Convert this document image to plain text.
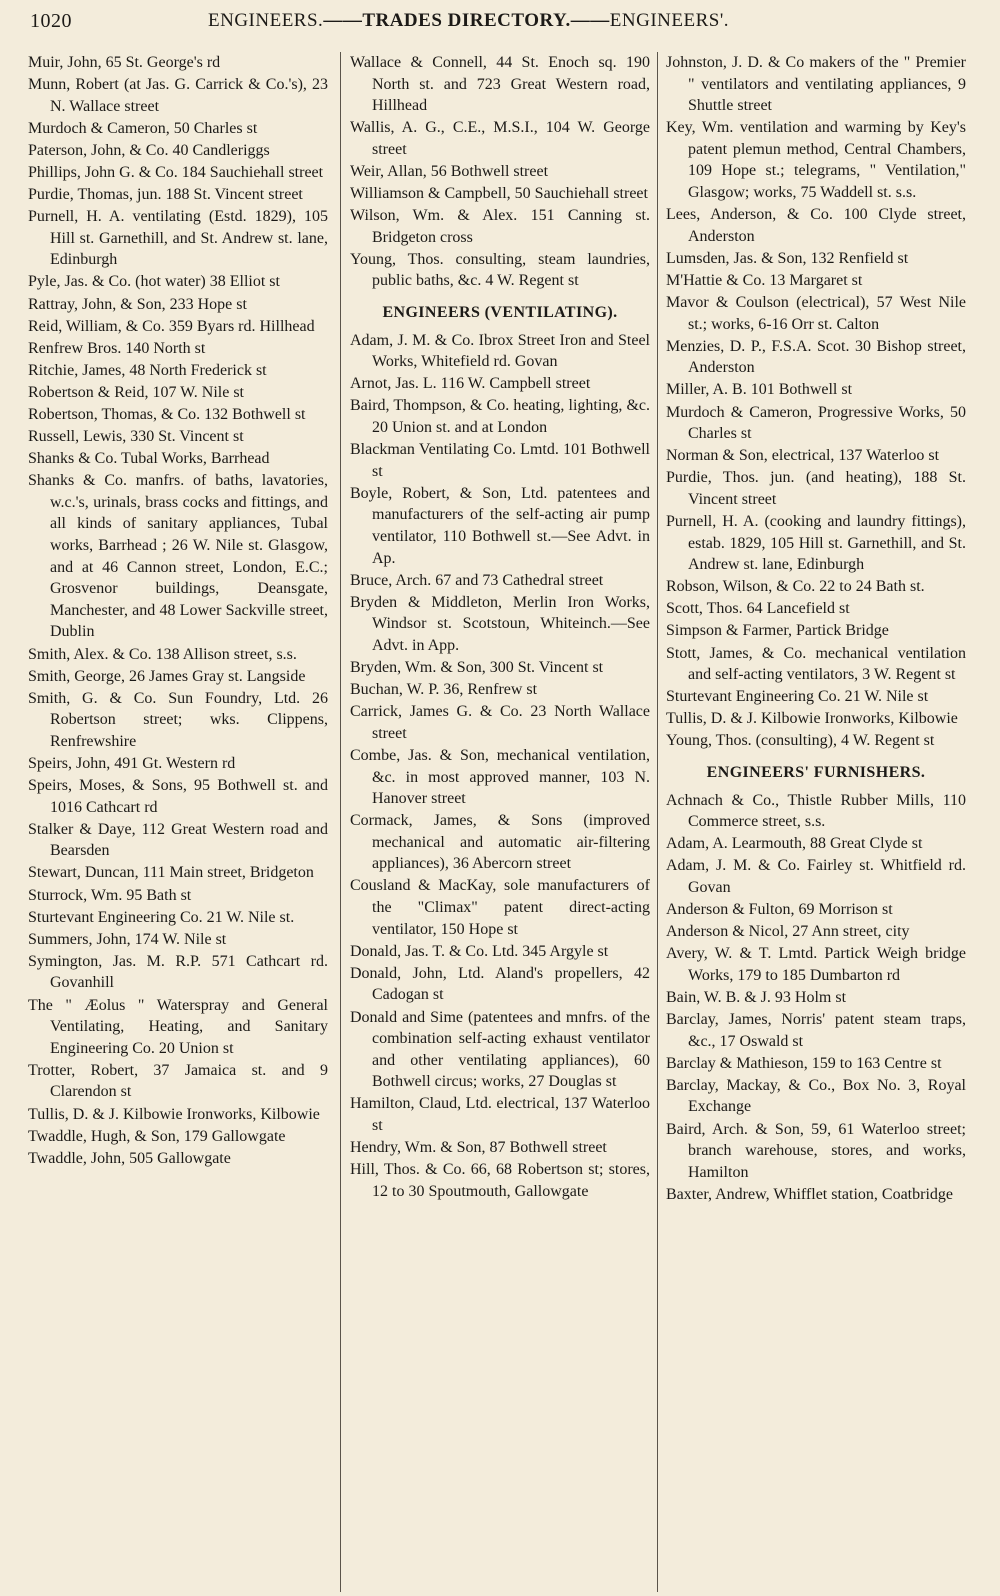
1020	ENGINEERS.——TRADES DIRECTORY.——ENGINEERS'.
Muir, John, 65 St. George's rd
Munn, Robert (at Jas. G. Carrick & Co.'s), 23 N. Wallace street
Murdoch & Cameron, 50 Charles st
Paterson, John, & Co. 40 Candleriggs
Phillips, John G. & Co. 184 Sauchiehall street
Purdie, Thomas, jun. 188 St. Vincent street
Purnell, H. A. ventilating (Estd. 1829), 105 Hill st. Garnethill, and St. Andrew st. lane, Edinburgh
Pyle, Jas. & Co. (hot water) 38 Elliot st
Rattray, John, & Son, 233 Hope st
Reid, William, & Co. 359 Byars rd. Hillhead
Renfrew Bros. 140 North st
Ritchie, James, 48 North Frederick st
Robertson & Reid, 107 W. Nile st
Robertson, Thomas, & Co. 132 Bothwell st
Russell, Lewis, 330 St. Vincent st
Shanks & Co. Tubal Works, Barrhead
Shanks & Co. manfrs. of baths, lavatories, w.c.'s, urinals, brass cocks and fittings, and all kinds of sanitary appliances, Tubal works, Barrhead ; 26 W. Nile st. Glasgow, and at 46 Cannon street, London, E.C.; Grosvenor buildings, Deansgate, Manchester, and 48 Lower Sackville street, Dublin
Smith, Alex. & Co. 138 Allison street, s.s.
Smith, George, 26 James Gray st. Langside
Smith, G. & Co. Sun Foundry, Ltd. 26 Robertson street; wks. Clippens, Renfrewshire
Speirs, John, 491 Gt. Western rd
Speirs, Moses, & Sons, 95 Bothwell st. and 1016 Cathcart rd
Stalker & Daye, 112 Great Western road and Bearsden
Stewart, Duncan, 111 Main street, Bridgeton
Sturrock, Wm. 95 Bath st
Sturtevant Engineering Co. 21 W. Nile st.
Summers, John, 174 W. Nile st
Symington, Jas. M. R.P. 571 Cathcart rd. Govanhill
The " Æolus " Waterspray and General Ventilating, Heating, and Sanitary Engineering Co. 20 Union st
Trotter, Robert, 37 Jamaica st. and 9 Clarendon st
Tullis, D. & J. Kilbowie Ironworks, Kilbowie
Twaddle, Hugh, & Son, 179 Gallowgate
Twaddle, John, 505 Gallowgate
Wallace & Connell, 44 St. Enoch sq. 190 North st. and 723 Great Western road, Hillhead
Wallis, A. G., C.E., M.S.I., 104 W. George street
Weir, Allan, 56 Bothwell street
Williamson & Campbell, 50 Sauchiehall street
Wilson, Wm. & Alex. 151 Canning st. Bridgeton cross
Young, Thos. consulting, steam laundries, public baths, &c. 4 W. Regent st
ENGINEERS (VENTILATING).
Adam, J. M. & Co. Ibrox Street Iron and Steel Works, Whitefield rd. Govan
Arnot, Jas. L. 116 W. Campbell street
Baird, Thompson, & Co. heating, lighting, &c. 20 Union st. and at London
Blackman Ventilating Co. Lmtd. 101 Bothwell st
Boyle, Robert, & Son, Ltd. patentees and manufacturers of the self-acting air pump ventilator, 110 Bothwell st.—See Advt. in Ap.
Bruce, Arch. 67 and 73 Cathedral street
Bryden & Middleton, Merlin Iron Works, Windsor st. Scotstoun, Whiteinch.—See Advt. in App.
Bryden, Wm. & Son, 300 St. Vincent st
Buchan, W. P. 36, Renfrew st
Carrick, James G. & Co. 23 North Wallace street
Combe, Jas. & Son, mechanical ventilation, &c. in most approved manner, 103 N. Hanover street
Cormack, James, & Sons (improved mechanical and automatic air-filtering appliances), 36 Abercorn street
Cousland & MacKay, sole manufacturers of the "Climax" patent direct-acting ventilator, 150 Hope st
Donald, Jas. T. & Co. Ltd. 345 Argyle st
Donald, John, Ltd. Aland's propellers, 42 Cadogan st
Donald and Sime (patentees and mnfrs. of the combination self-acting exhaust ventilator and other ventilating appliances), 60 Bothwell circus; works, 27 Douglas st
Hamilton, Claud, Ltd. electrical, 137 Waterloo st
Hendry, Wm. & Son, 87 Bothwell street
Hill, Thos. & Co. 66, 68 Robertson st; stores, 12 to 30 Spoutmouth, Gallowgate
Johnston, J. D. & Co makers of the " Premier " ventilators and ventilating appliances, 9 Shuttle street
Key, Wm. ventilation and warming by Key's patent plemun method, Central Chambers, 109 Hope st.; telegrams, " Ventilation," Glasgow; works, 75 Waddell st. s.s.
Lees, Anderson, & Co. 100 Clyde street, Anderston
Lumsden, Jas. & Son, 132 Renfield st
M'Hattie & Co. 13 Margaret st
Mavor & Coulson (electrical), 57 West Nile st.; works, 6-16 Orr st. Calton
Menzies, D. P., F.S.A. Scot. 30 Bishop street, Anderston
Miller, A. B. 101 Bothwell st
Murdoch & Cameron, Progressive Works, 50 Charles st
Norman & Son, electrical, 137 Waterloo st
Purdie, Thos. jun. (and heating), 188 St. Vincent street
Purnell, H. A. (cooking and laundry fittings), estab. 1829, 105 Hill st. Garnethill, and St. Andrew st. lane, Edinburgh
Robson, Wilson, & Co. 22 to 24 Bath st.
Scott, Thos. 64 Lancefield st
Simpson & Farmer, Partick Bridge
Stott, James, & Co. mechanical ventilation and self-acting ventilators, 3 W. Regent st
Sturtevant Engineering Co. 21 W. Nile st
Tullis, D. & J. Kilbowie Ironworks, Kilbowie
Young, Thos. (consulting), 4 W. Regent st
ENGINEERS' FURNISHERS.
Achnach & Co., Thistle Rubber Mills, 110 Commerce street, s.s.
Adam, A. Learmouth, 88 Great Clyde st
Adam, J. M. & Co. Fairley st. Whitfield rd. Govan
Anderson & Fulton, 69 Morrison st
Anderson & Nicol, 27 Ann street, city
Avery, W. & T. Lmtd. Partick Weigh bridge Works, 179 to 185 Dumbarton rd
Bain, W. B. & J. 93 Holm st
Barclay, James, Norris' patent steam traps, &c., 17 Oswald st
Barclay & Mathieson, 159 to 163 Centre st
Barclay, Mackay, & Co., Box No. 3, Royal Exchange
Baird, Arch. & Son, 59, 61 Waterloo street; branch warehouse, stores, and works, Hamilton
Baxter, Andrew, Whifflet station, Coatbridge
